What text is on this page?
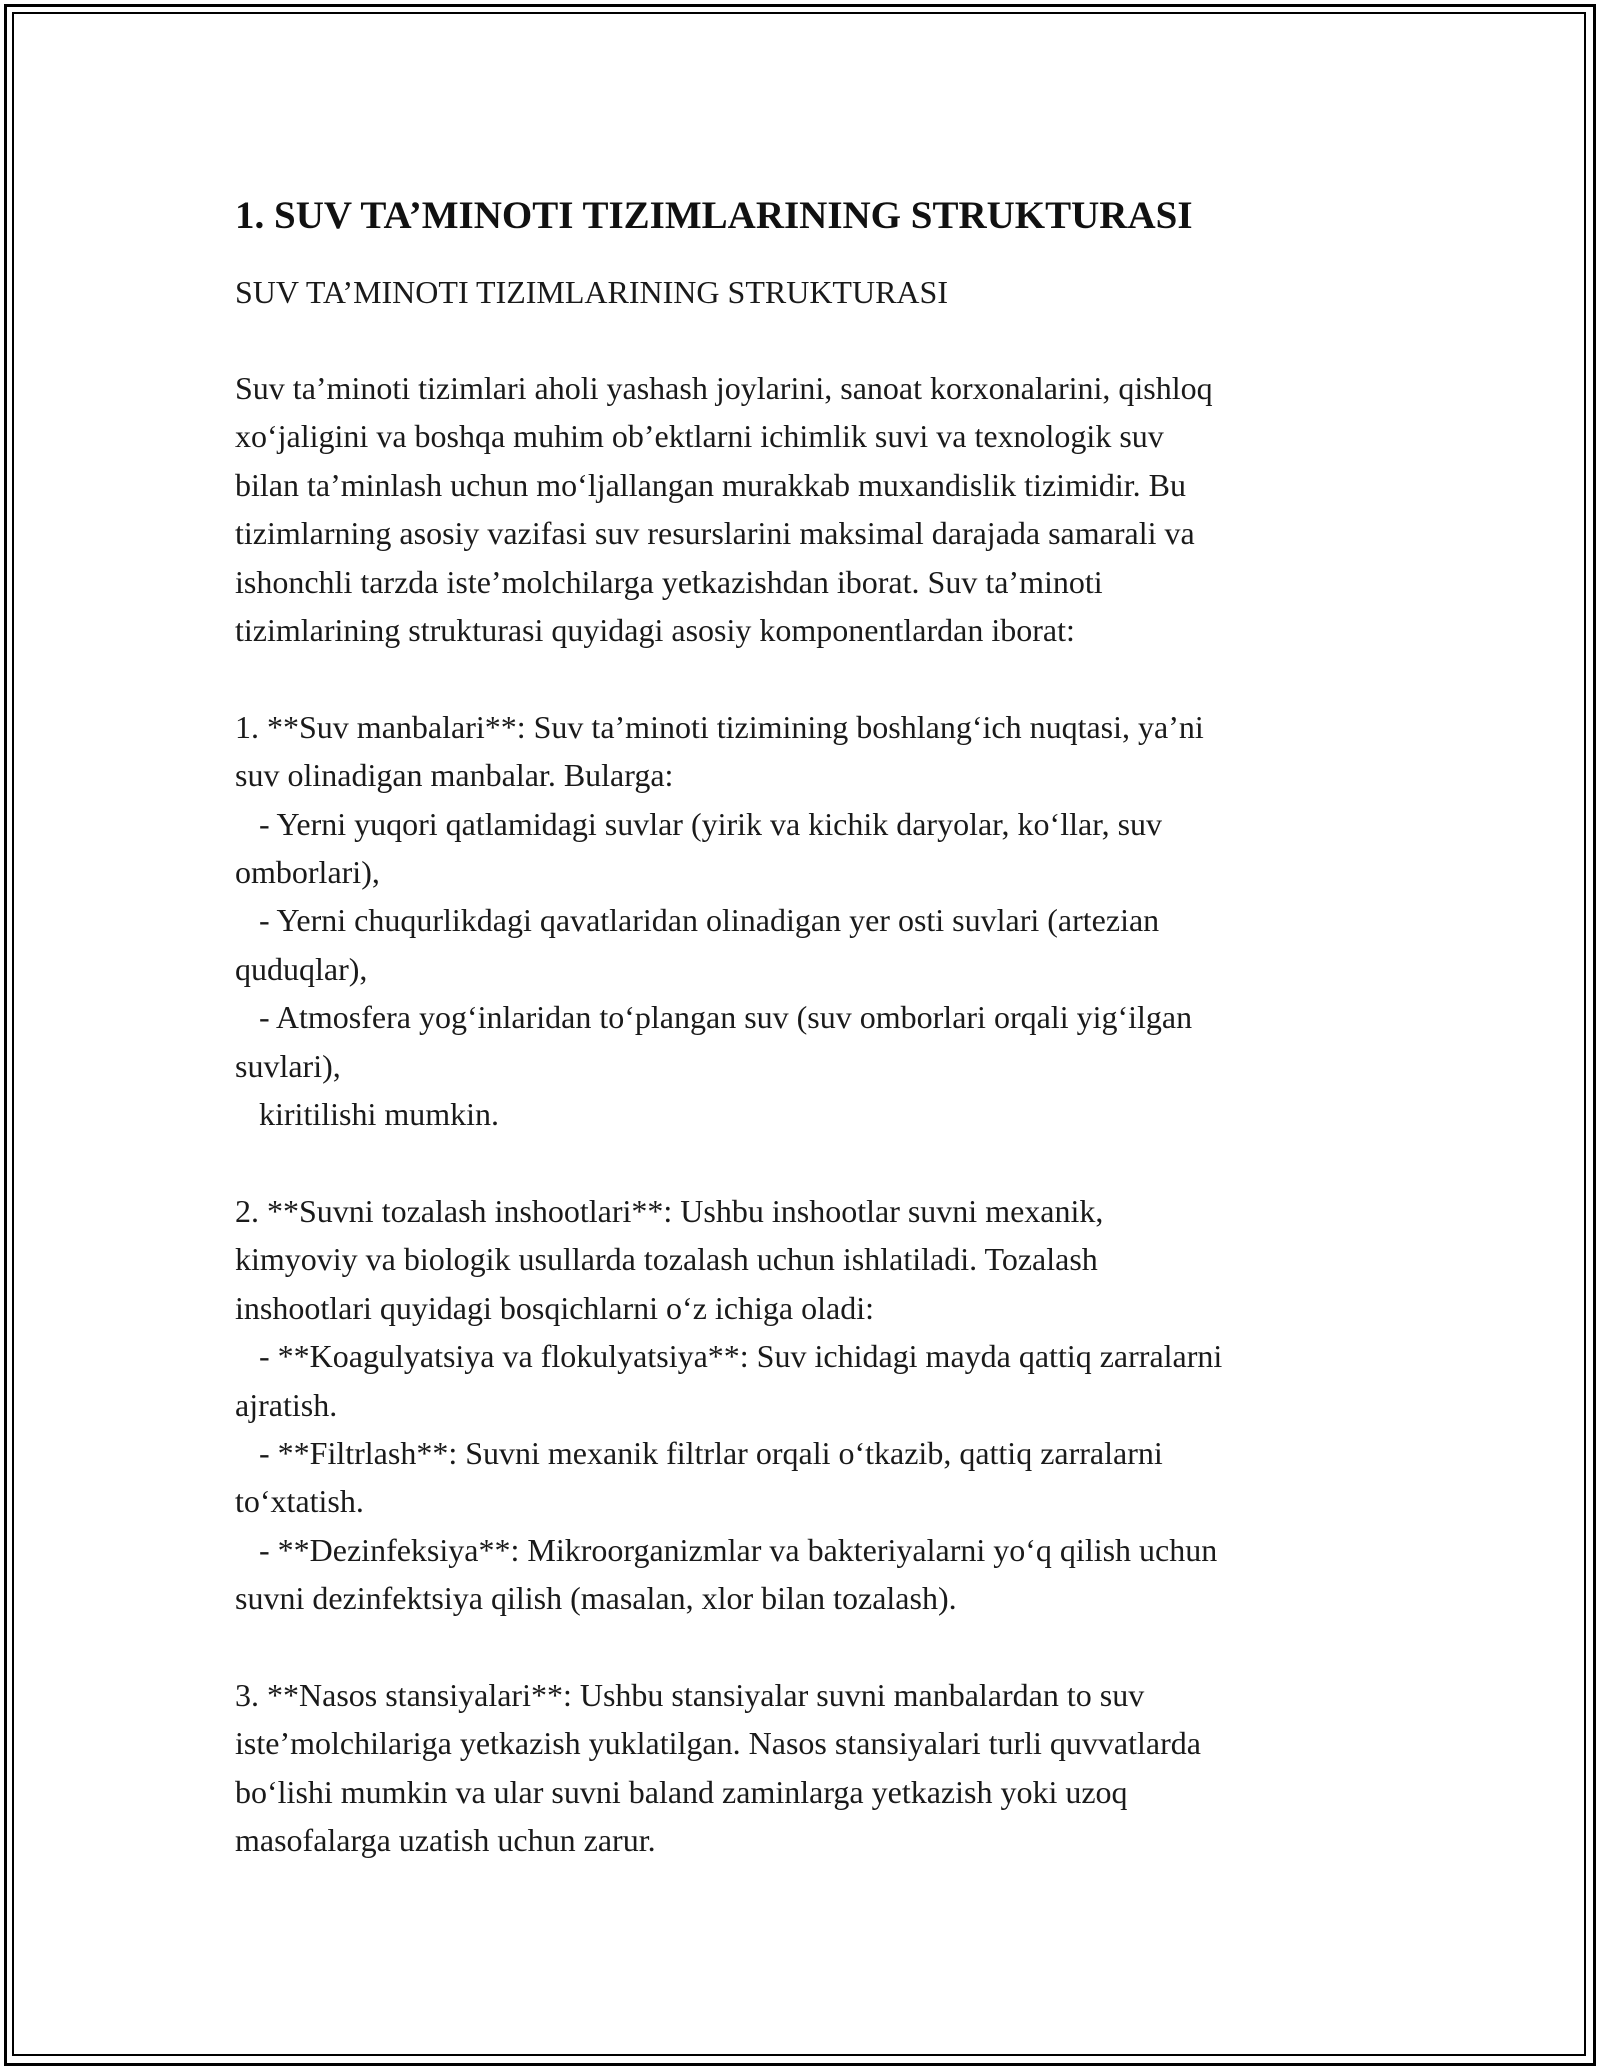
1. SUV TA’MINOTI TIZIMLARINING STRUKTURASI
SUV TA’MINOTI TIZIMLARINING STRUKTURASI

Suv ta’minoti tizimlari aholi yashash joylarini, sanoat korxonalarini, qishloq
xo‘jaligini va boshqa muhim ob’ektlarni ichimlik suvi va texnologik suv
bilan ta’minlash uchun mo‘ljallangan murakkab muxandislik tizimidir. Bu
tizimlarning asosiy vazifasi suv resurslarini maksimal darajada samarali va
ishonchli tarzda iste’molchilarga yetkazishdan iborat. Suv ta’minoti
tizimlarining strukturasi quyidagi asosiy komponentlardan iborat:

1. **Suv manbalari**: Suv ta’minoti tizimining boshlang‘ich nuqtasi, ya’ni
suv olinadigan manbalar. Bularga:
- Yerni yuqori qatlamidagi suvlar (yirik va kichik daryolar, ko‘llar, suv
omborlari),
- Yerni chuqurlikdagi qavatlaridan olinadigan yer osti suvlari (artezian
quduqlar),
- Atmosfera yog‘inlaridan to‘plangan suv (suv omborlari orqali yig‘ilgan
suvlari),
kiritilishi mumkin.

2. **Suvni tozalash inshootlari**: Ushbu inshootlar suvni mexanik,
kimyoviy va biologik usullarda tozalash uchun ishlatiladi. Tozalash
inshootlari quyidagi bosqichlarni o‘z ichiga oladi:
- **Koagulyatsiya va flokulyatsiya**: Suv ichidagi mayda qattiq zarralarni
ajratish.
- **Filtrlash**: Suvni mexanik filtrlar orqali o‘tkazib, qattiq zarralarni
to‘xtatish.
- **Dezinfeksiya**: Mikroorganizmlar va bakteriyalarni yo‘q qilish uchun
suvni dezinfektsiya qilish (masalan, xlor bilan tozalash).

3. **Nasos stansiyalari**: Ushbu stansiyalar suvni manbalardan to suv
iste’molchilariga yetkazish yuklatilgan. Nasos stansiyalari turli quvvatlarda
bo‘lishi mumkin va ular suvni baland zaminlarga yetkazish yoki uzoq
masofalarga uzatish uchun zarur.
